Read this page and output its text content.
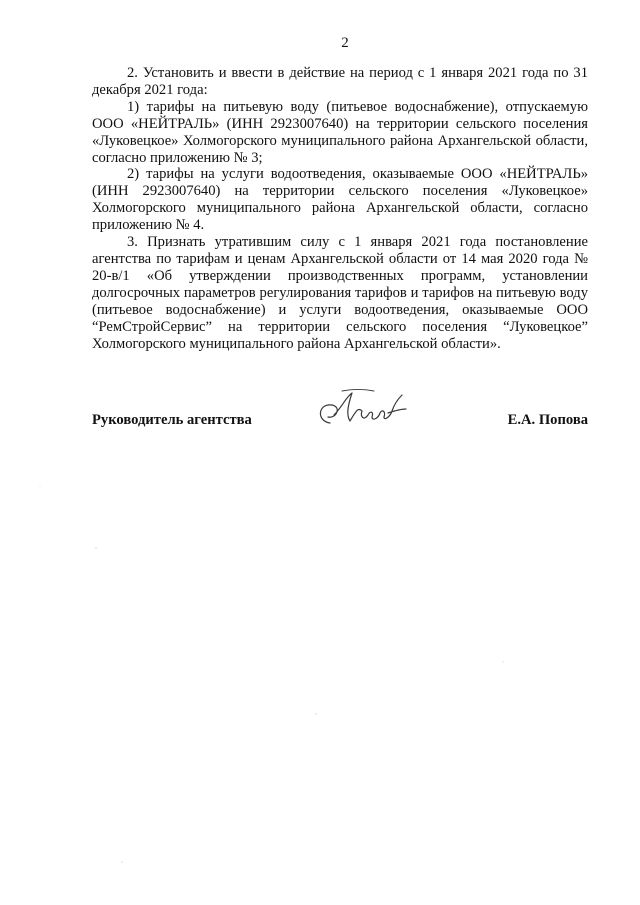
2

2. Установить и ввести в действие на период с 1 января 2021 года по 31 декабря 2021 года:

1) тарифы на питьевую воду (питьевое водоснабжение), отпускаемую ООО «НЕЙТРАЛЬ» (ИНН 2923007640) на территории сельского поселения «Луковецкое» Холмогорского муниципального района Архангельской области, согласно приложению № 3;

2) тарифы на услуги водоотведения, оказываемые ООО «НЕЙТРАЛЬ» (ИНН 2923007640) на территории сельского поселения «Луковецкое» Холмогорского муниципального района Архангельской области, согласно приложению № 4.

3. Признать утратившим силу с 1 января 2021 года постановление агентства по тарифам и ценам Архангельской области от 14 мая 2020 года № 20-в/1 «Об утверждении производственных программ, установлении долгосрочных параметров регулирования тарифов и тарифов на питьевую воду (питьевое водоснабжение) и услуги водоотведения, оказываемые ООО “РемСтройСервис” на территории сельского поселения “Луковецкое” Холмогорского муниципального района Архангельской области».

Руководитель агентства	Е.А. Попова
